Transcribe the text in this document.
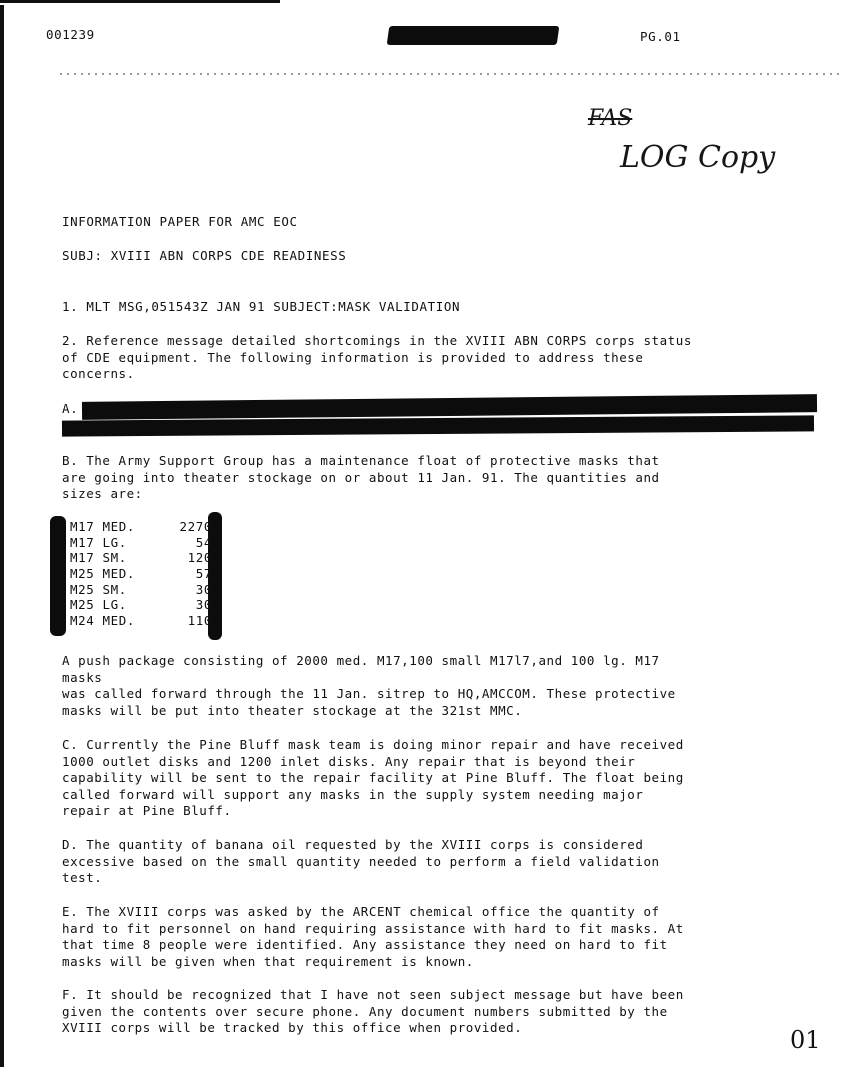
001239	PG.01
FAS
LOG Copy
INFORMATION PAPER FOR AMC EOC
SUBJ: XVIII ABN CORPS CDE READINESS
1. MLT MSG,051543Z JAN 91 SUBJECT:MASK VALIDATION
2. Reference message detailed shortcomings in the XVIII ABN CORPS corps status
of CDE equipment. The following information is provided to address these
concerns.
A.
B. The Army Support Group has a maintenance float of protective masks that
are going into theater stockage on or about 11 Jan. 91. The quantities and
sizes are:
M17 MED.	2270
M17 LG.	54
M17 SM.	120
M25 MED.	57
M25 SM.	30
M25 LG.	30
M24 MED.	110
A push package consisting of 2000 med. M17,100 small M17l7,and 100 lg. M17
masks
was called forward through the 11 Jan. sitrep to HQ,AMCCOM. These protective
masks will be put into theater stockage at the 321st MMC.
C. Currently the Pine Bluff mask team is doing minor repair and have received
1000 outlet disks and 1200 inlet disks. Any repair that is beyond their
capability will be sent to the repair facility at Pine Bluff. The float being
called forward will support any masks in the supply system needing major
repair at Pine Bluff.
D. The quantity of banana oil requested by the XVIII corps is considered
excessive based on the small quantity needed to perform a field validation
test.
E. The XVIII corps was asked by the ARCENT chemical office the quantity of
hard to fit personnel on hand requiring assistance with hard to fit masks. At
that time 8 people were identified. Any assistance they need on hard to fit
masks will be given when that requirement is known.
F. It should be recognized that I have not seen subject message but have been
given the contents over secure phone. Any document numbers submitted by the
XVIII corps will be tracked by this office when provided.	01
